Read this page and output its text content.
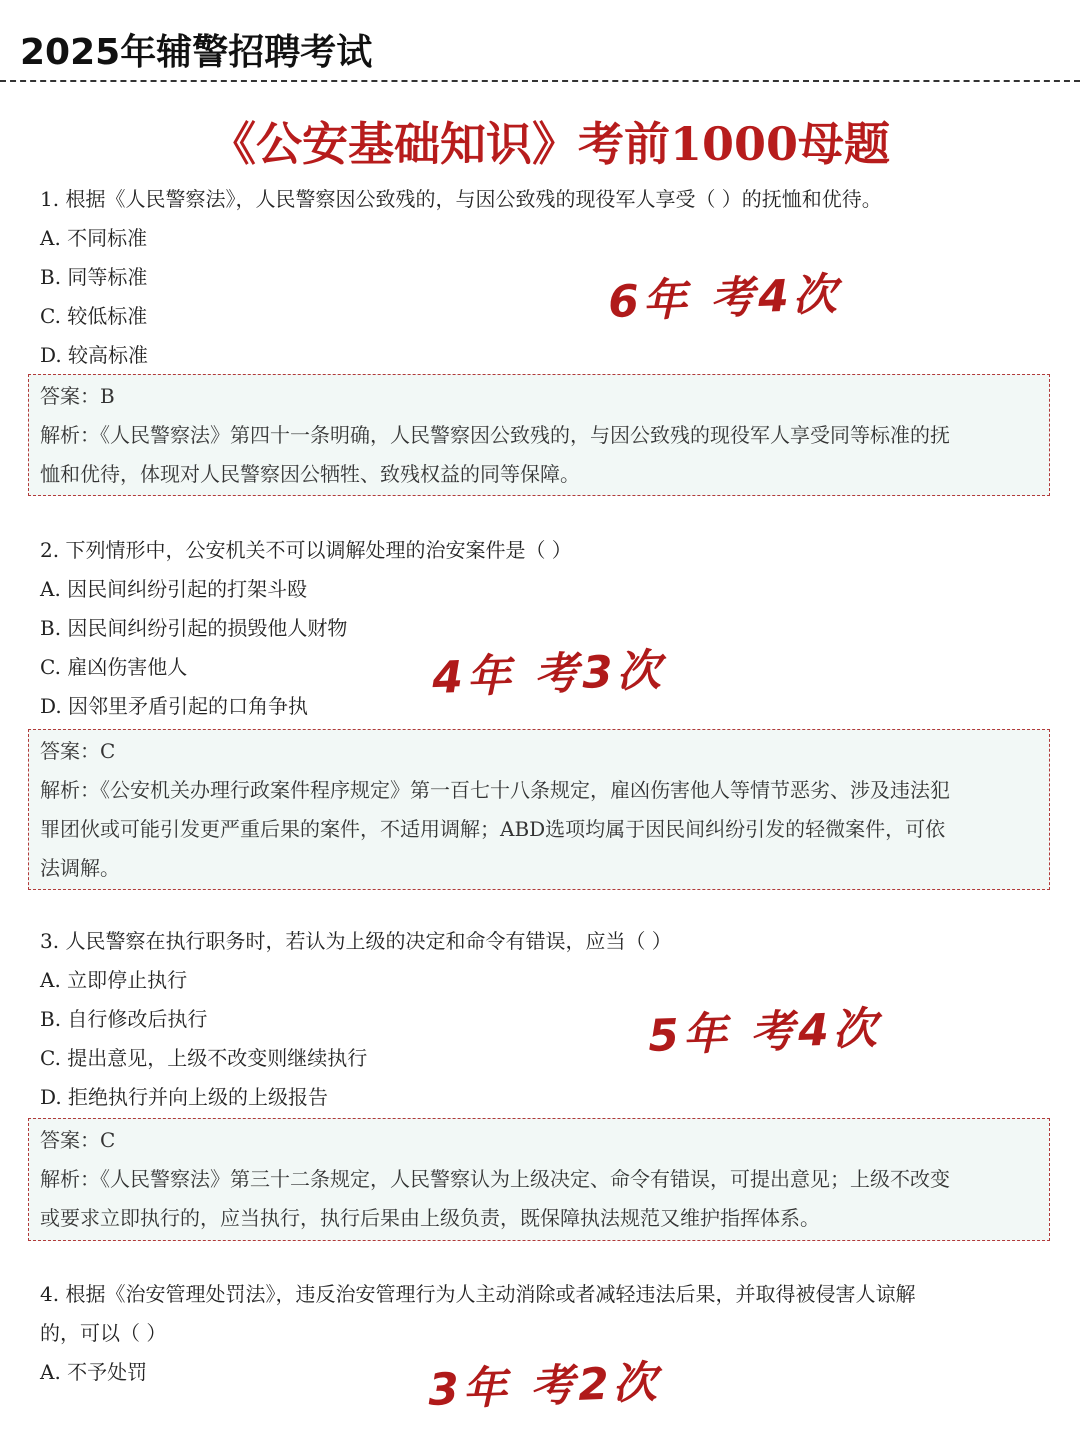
2025年辅警招聘考试
《公安基础知识》考前1000母题
1. 根据《人民警察法》，人民警察因公致残的，与因公致残的现役军人享受（ ）的抚恤和优待。
A. 不同标准
B. 同等标准
C. 较低标准
D. 较高标准
答案：B
解析：《人民警察法》第四十一条明确，人民警察因公致残的，与因公致残的现役军人享受同等标准的抚
恤和优待，体现对人民警察因公牺牲、致残权益的同等保障。
6年 考4次
2. 下列情形中，公安机关不可以调解处理的治安案件是（ ）
A. 因民间纠纷引起的打架斗殴
B. 因民间纠纷引起的损毁他人财物
C. 雇凶伤害他人
D. 因邻里矛盾引起的口角争执
答案：C
解析：《公安机关办理行政案件程序规定》第一百七十八条规定，雇凶伤害他人等情节恶劣、涉及违法犯
罪团伙或可能引发更严重后果的案件，不适用调解；ABD选项均属于因民间纠纷引发的轻微案件，可依
法调解。
4年 考3次
3. 人民警察在执行职务时，若认为上级的决定和命令有错误，应当（ ）
A. 立即停止执行
B. 自行修改后执行
C. 提出意见，上级不改变则继续执行
D. 拒绝执行并向上级的上级报告
答案：C
解析：《人民警察法》第三十二条规定，人民警察认为上级决定、命令有错误，可提出意见；上级不改变
或要求立即执行的，应当执行，执行后果由上级负责，既保障执法规范又维护指挥体系。
5年 考4次
4. 根据《治安管理处罚法》，违反治安管理行为人主动消除或者减轻违法后果，并取得被侵害人谅解
的，可以（ ）
A. 不予处罚	3年 考2次
